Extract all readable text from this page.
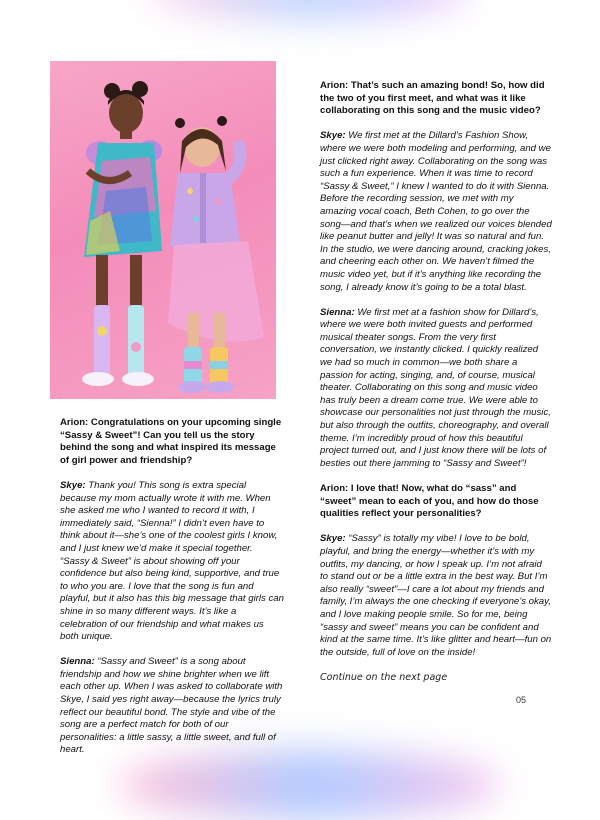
Arion: Congratulations on your upcoming single “Sassy & Sweet”! Can you tell us the story behind the song and what inspired its message of girl power and friendship?

Skye: Thank you! This song is extra special because my mom actually wrote it with me. When she asked me who I wanted to record it with, I immediately said, “Sienna!” I didn’t even have to think about it—she’s one of the coolest girls I know, and I just knew we’d make it special together. “Sassy & Sweet” is about showing off your confidence but also being kind, supportive, and true to who you are. I love that the song is fun and playful, but it also has this big message that girls can shine in so many different ways. It’s like a celebration of our friendship and what makes us both unique.

Sienna: “Sassy and Sweet” is a song about friendship and how we shine brighter when we lift each other up. When I was asked to collaborate with Skye, I said yes right away—because the lyrics truly reflect our beautiful bond. The style and vibe of the song are a perfect match for both of our personalities: a little sassy, a little sweet, and full of heart.

Arion: That’s such an amazing bond! So, how did the two of you first meet, and what was it like collaborating on this song and the music video?

Skye: We first met at the Dillard’s Fashion Show, where we were both modeling and performing, and we just clicked right away. Collaborating on the song was such a fun experience. When it was time to record “Sassy & Sweet,” I knew I wanted to do it with Sienna. Before the recording session, we met with my amazing vocal coach, Beth Cohen, to go over the song—and that’s when we realized our voices blended like peanut butter and jelly! It was so natural and fun. In the studio, we were dancing around, cracking jokes, and cheering each other on. We haven’t filmed the music video yet, but if it’s anything like recording the song, I already know it’s going to be a total blast.

Sienna: We first met at a fashion show for Dillard’s, where we were both invited guests and performed musical theater songs. From the very first conversation, we instantly clicked. I quickly realized we had so much in common—we both share a passion for acting, singing, and, of course, musical theater. Collaborating on this song and music video has truly been a dream come true. We were able to showcase our personalities not just through the music, but also through the outfits, choreography, and overall theme. I’m incredibly proud of how this beautiful project turned out, and I just know there will be lots of besties out there jamming to “Sassy and Sweet”!

Arion: I love that! Now, what do “sass” and “sweet” mean to each of you, and how do those qualities reflect your personalities?

Skye: “Sassy” is totally my vibe! I love to be bold, playful, and bring the energy—whether it’s with my outfits, my dancing, or how I speak up. I’m not afraid to stand out or be a little extra in the best way. But I’m also really “sweet”—I care a lot about my friends and family, I’m always the one checking if everyone’s okay, and I love making people smile. So for me, being “sassy and sweet” means you can be confident and kind at the same time. It’s like glitter and heart—fun on the outside, full of love on the inside!

Continue on the next page

05
